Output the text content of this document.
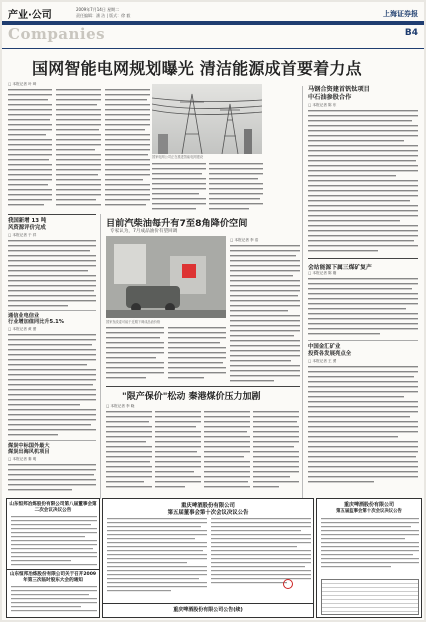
产业·公司
2009年7月14日 星期二
责任编辑：潘 洁 | 版式：徐 毅	上海证券报
Companies	B4
国网智能电网规划曝光 清洁能源成首要着力点
□ 本报记者 叶 琦
国家电网公司正在推进智能电网建设
马钢合资建首钒钛项目
中石油参股合作
□ 本报记者 陈 东
我国新增 13 吨
风资源评价完成
□ 本报记者 于 祥
通信业电信业
行业增加值同比升5.1%
□ 本报记者 黄 蕾
煤炭中标国外最大
煤炭出海风机项目
□ 本报记者 秦 明
目前汽柴油每升有7至8角降价空间
专家认为，7月成品油价有望回调
□ 本报记者 李 浩
国家发改委可能于近期下调成品油价格
会站能源下属三煤矿复产
□ 本报记者 陈 刚
中国金汇矿业
投资各发展亮点全
□ 本报记者 王 勇
"限产保价"松动 秦港煤价压力加剧
□ 本报记者 李 晓
山东恒邦冶炼股份有限公司第八届董事会第二次会议决议公告
山东恒邦冶炼股份有限公司关于召开2009年第三次临时股东大会的通知
重庆啤酒股份有限公司
第五届董事会第十次会议决议公告
重庆啤酒股份有限公司公告(续)
重庆啤酒股份有限公司
第五届监事会第十次会议决议公告
